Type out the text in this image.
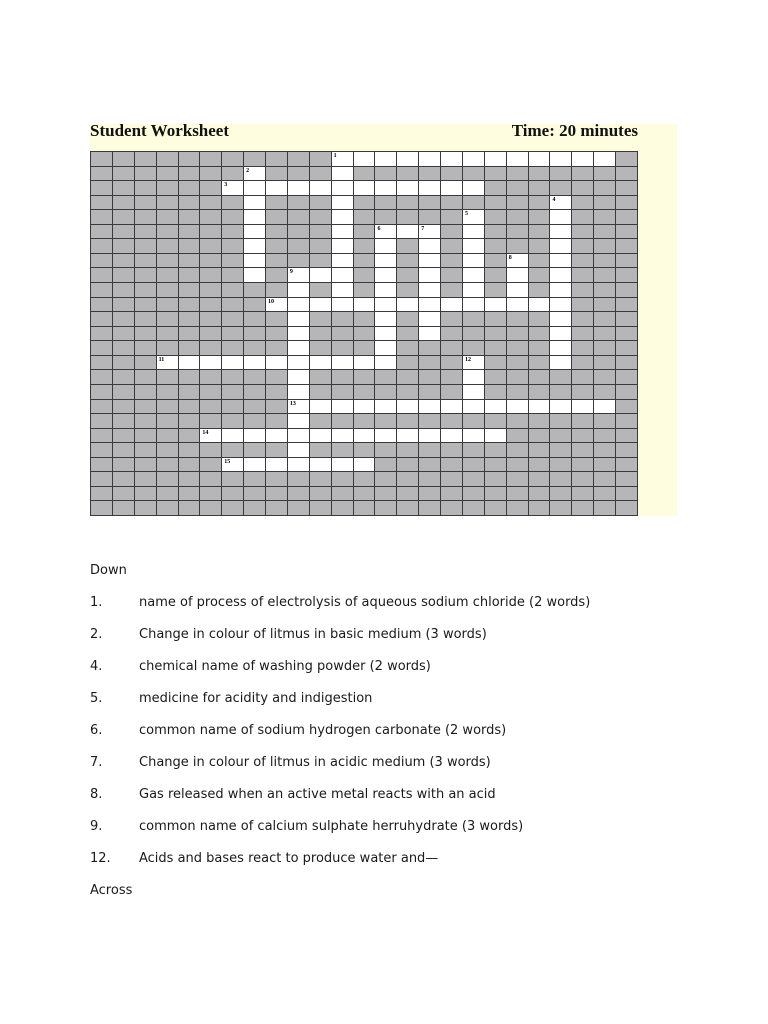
Student Worksheet	Time: 20 minutes
1
2
3
4
5
6	7
8
9
10
11	12
13
14
15
Down
1.	name of process of electrolysis of aqueous sodium chloride (2 words)
2.	Change in colour of litmus in basic medium (3 words)
4.	chemical name of washing powder (2 words)
5.	medicine for acidity and indigestion
6.	common name of sodium hydrogen carbonate (2 words)
7.	Change in colour of litmus in acidic medium (3 words)
8.	Gas released when an active metal reacts with an acid
9.	common name of calcium sulphate herruhydrate (3 words)
12.	Acids and bases react to produce water and—
Across
